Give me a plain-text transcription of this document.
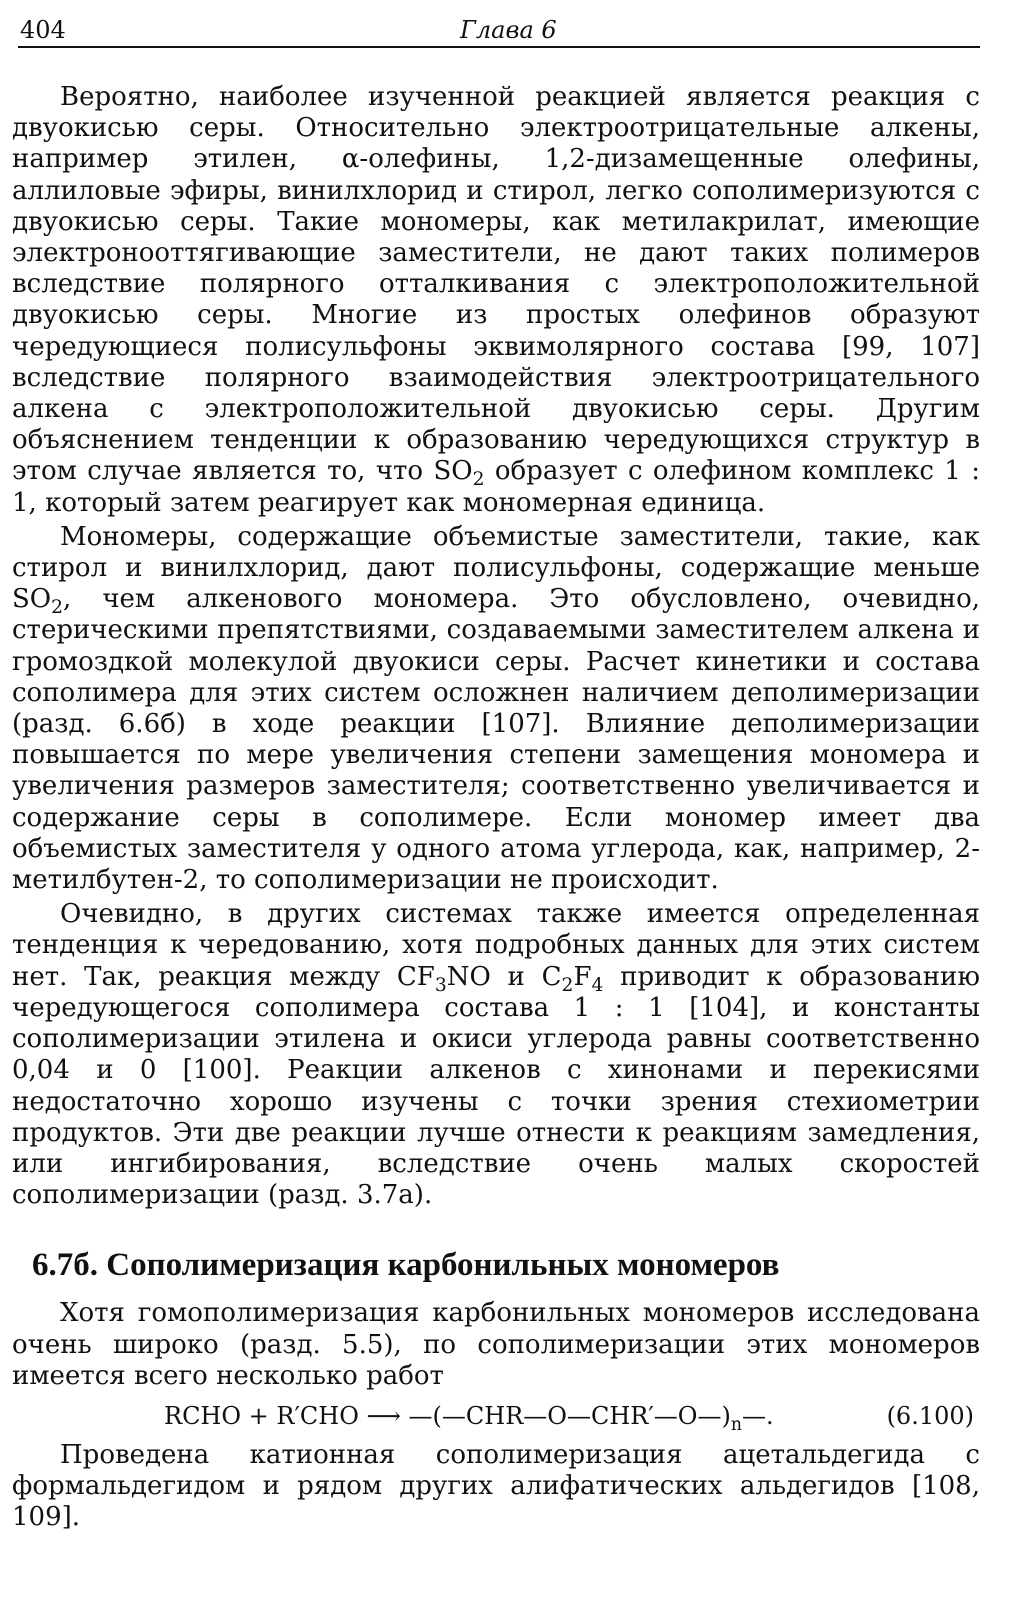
404	Глава 6

Вероятно, наиболее изученной реакцией является реакция с двуокисью серы. Относительно электроотрицательные алкены, например этилен, α-олефины, 1,2-дизамещенные олефины, аллиловые эфиры, винилхлорид и стирол, легко сополимеризуются с двуокисью серы. Такие мономеры, как метилакрилат, имеющие электроноoттягивающие заместители, не дают таких полимеров вследствие полярного отталкивания с электроположительной двуокисью серы. Многие из простых олефинов образуют чередующиеся полисульфоны эквимолярного состава [99, 107] вследствие полярного взаимодействия электроотрицательного алкена с электроположительной двуокисью серы. Другим объяснением тенденции к образованию чередующихся структур в этом случае является то, что $SO_2$ образует с олефином комплекс 1 : 1, который затем реагирует как мономерная единица.

Мономеры, содержащие объемистые заместители, такие, как стирол и винилхлорид, дают полисульфоны, содержащие меньше $SO_2$, чем алкенового мономера. Это обусловлено, очевидно, стерическими препятствиями, создаваемыми заместителем алкена и громоздкой молекулой двуокиси серы. Расчет кинетики и состава сополимера для этих систем осложнен наличием деполимеризации (разд. 6.6б) в ходе реакции [107]. Влияние деполимеризации повышается по мере увеличения степени замещения мономера и увеличения размеров заместителя; соответственно увеличивается и содержание серы в сополимере. Если мономер имеет два объемистых заместителя у одного атома углерода, как, например, 2-метилбутен-2, то сополимеризации не происходит.

Очевидно, в других системах также имеется определенная тенденция к чередованию, хотя подробных данных для этих систем нет. Так, реакция между $CF_3NO$ и $C_2F_4$ приводит к образованию чередующегося сополимера состава 1 : 1 [104], и константы сополимеризации этилена и окиси углерода равны соответственно 0,04 и 0 [100]. Реакции алкенов с хинонами и перекисями недостаточно хорошо изучены с точки зрения стехиометрии продуктов. Эти две реакции лучше отнести к реакциям замедления, или ингибирования, вследствие очень малых скоростей сополимеризации (разд. 3.7а).

6.7б. Сополимеризация карбонильных мономеров

Хотя гомополимеризация карбонильных мономеров исследована очень широко (разд. 5.5), по сополимеризации этих мономеров имеется всего несколько работ

RCHO + R′CHO ⟶ $—(—CHR—O—CHR'—O—)_n—$.	(6.100)

Проведена катионная сополимеризация ацетальдегида с формальдегидом и рядом других алифатических альдегидов [108, 109].
